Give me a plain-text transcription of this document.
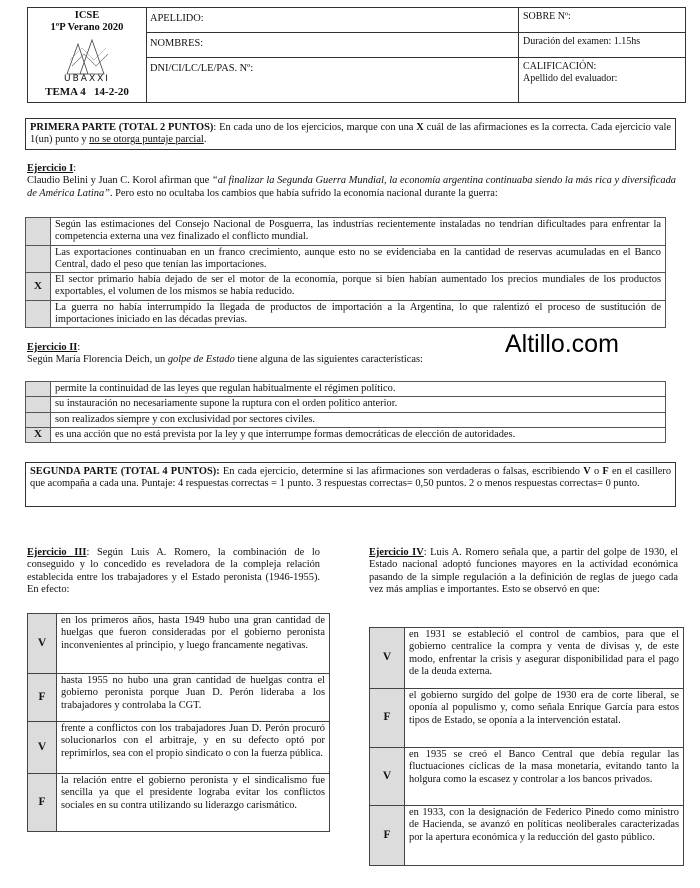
ICSE
1ºP Verano 2020
UBAXXI
TEMA 4 14-2-20
APELLIDO:
NOMBRES:
DNI/CI/LC/LE/PAS. Nº:
SOBRE Nº:
Duración del examen: 1.15hs
CALIFICACIÓN:
Apellido del evaluador:
PRIMERA PARTE (TOTAL 2 PUNTOS): En cada uno de los ejercicios, marque con una X cuál de las afirmaciones es la correcta. Cada ejercicio vale 1(un) punto y no se otorga puntaje parcial.
Ejercicio I:
Claudio Belini y Juan C. Korol afirman que “al finalizar la Segunda Guerra Mundial, la economía argentina continuaba siendo la más rica y diversificada de América Latina”. Pero esto no ocultaba los cambios que había sufrido la economía nacional durante la guerra:
	Según las estimaciones del Consejo Nacional de Posguerra, las industrias recientemente instaladas no tendrían dificultades para enfrentar la competencia externa una vez finalizado el conflicto mundial.
	Las exportaciones continuaban en un franco crecimiento, aunque esto no se evidenciaba en la cantidad de reservas acumuladas en el Banco Central, dado el peso que tenían las importaciones.
X	El sector primario había dejado de ser el motor de la economía, porque si bien habían aumentado los precios mundiales de los productos exportables, el volumen de los mismos se había reducido.
	La guerra no había interrumpido la llegada de productos de importación a la Argentina, lo que ralentizó el proceso de sustitución de importaciones iniciado en las décadas previas.
Altillo.com
Ejercicio II:
Según María Florencia Deich, un golpe de Estado tiene alguna de las siguientes características:
	permite la continuidad de las leyes que regulan habitualmente el régimen político.
	su instauración no necesariamente supone la ruptura con el orden político anterior.
	son realizados siempre y con exclusividad por sectores civiles.
X	es una acción que no está prevista por la ley y que interrumpe formas democráticas de elección de autoridades.
SEGUNDA PARTE (TOTAL 4 PUNTOS): En cada ejercicio, determine si las afirmaciones son verdaderas o falsas, escribiendo V o F en el casillero que acompaña a cada una. Puntaje: 4 respuestas correctas = 1 punto. 3 respuestas correctas= 0,50 puntos. 2 o menos respuestas correctas= 0 punto.
Ejercicio III: Según Luis A. Romero, la combinación de lo conseguido y lo concedido es reveladora de la compleja relación establecida entre los trabajadores y el Estado peronista (1946-1955). En efecto:
V	en los primeros años, hasta 1949 hubo una gran cantidad de huelgas que fueron consideradas por el gobierno peronista inconvenientes al principio, y luego francamente negativas.
F	hasta 1955 no hubo una gran cantidad de huelgas contra el gobierno peronista porque Juan D. Perón lideraba a los trabajadores y controlaba la CGT.
V	frente a conflictos con los trabajadores Juan D. Perón procuró solucionarlos con el arbitraje, y en su defecto optó por reprimirlos, sea con el propio sindicato o con la fuerza pública.
F	la relación entre el gobierno peronista y el sindicalismo fue sencilla ya que el presidente lograba evitar los conflictos sociales en su contra utilizando su liderazgo carismático.
Ejercicio IV: Luis A. Romero señala que, a partir del golpe de 1930, el Estado nacional adoptó funciones mayores en la actividad económica pasando de la simple regulación a la definición de reglas de juego cada vez más amplias e importantes. Esto se observó en que:
V	en 1931 se estableció el control de cambios, para que el gobierno centralice la compra y venta de divisas y, de este modo, enfrentar la crisis y asegurar disponibilidad para el pago de la deuda externa.
F	el gobierno surgido del golpe de 1930 era de corte liberal, se oponía al populismo y, como señala Enrique García para estos tipos de Estado, se oponía a la intervención estatal.
V	en 1935 se creó el Banco Central que debía regular las fluctuaciones cíclicas de la masa monetaria, evitando tanto la holgura como la escasez y controlar a los bancos privados.
F	en 1933, con la designación de Federico Pinedo como ministro de Hacienda, se avanzó en políticas neoliberales caracterizadas por la apertura económica y la reducción del gasto público.
